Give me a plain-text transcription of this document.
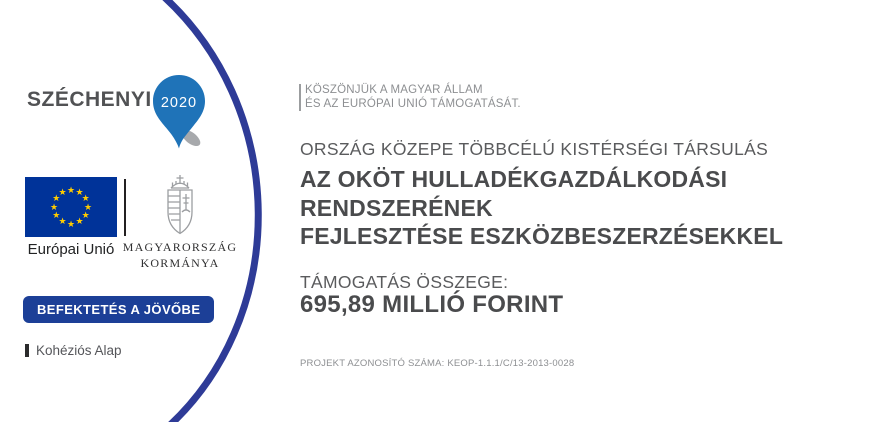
SZÉCHENYI 2020
★ ★
★
★
★
★
★
★
★
★
★
★
Európai Unió MAGYARORSZÁG
KORMÁNYA
BEFEKTETÉS A JÖVŐBE
Kohéziós Alap
KÖSZÖNJÜK A MAGYAR ÁLLAM
ÉS AZ EURÓPAI UNIÓ TÁMOGATÁSÁT.
ORSZÁG KÖZEPE TÖBBCÉLÚ KISTÉRSÉGI TÁRSULÁS
AZ OKÖT HULLADÉKGAZDÁLKODÁSI
RENDSZERÉNEK
FEJLESZTÉSE ESZKÖZBESZERZÉSEKKEL
TÁMOGATÁS ÖSSZEGE:
695,89 MILLIÓ FORINT
PROJEKT AZONOSÍTÓ SZÁMA: KEOP-1.1.1/C/13-2013-0028
